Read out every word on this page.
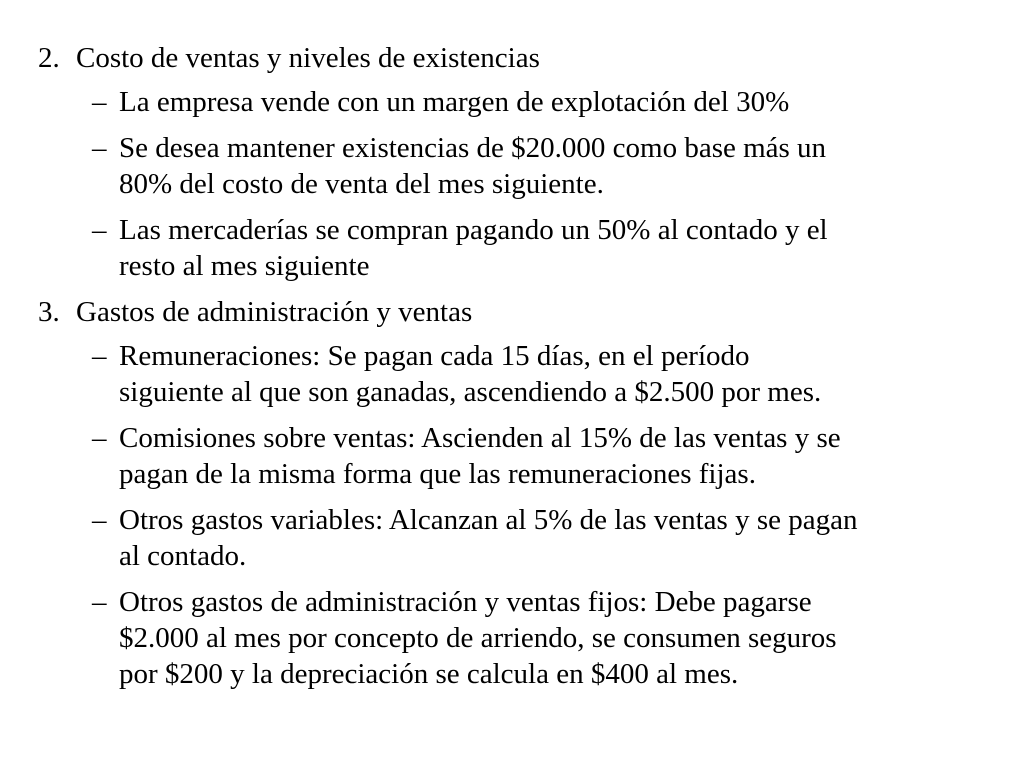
2. Costo de ventas y niveles de existencias
– La empresa vende con un margen de explotación del 30%
– Se desea mantener existencias de $20.000 como base más un
80% del costo de venta del mes siguiente.
– Las mercaderías se compran pagando un 50% al contado y el
resto al mes siguiente
3. Gastos de administración y ventas
– Remuneraciones: Se pagan cada 15 días, en el período
siguiente al que son ganadas, ascendiendo a $2.500 por mes.
– Comisiones sobre ventas: Ascienden al 15% de las ventas y se
pagan de la misma forma que las remuneraciones fijas.
– Otros gastos variables: Alcanzan al 5% de las ventas y se pagan
al contado.
– Otros gastos de administración y ventas fijos: Debe pagarse
$2.000 al mes por concepto de arriendo, se consumen seguros
por $200 y la depreciación se calcula en $400 al mes.
